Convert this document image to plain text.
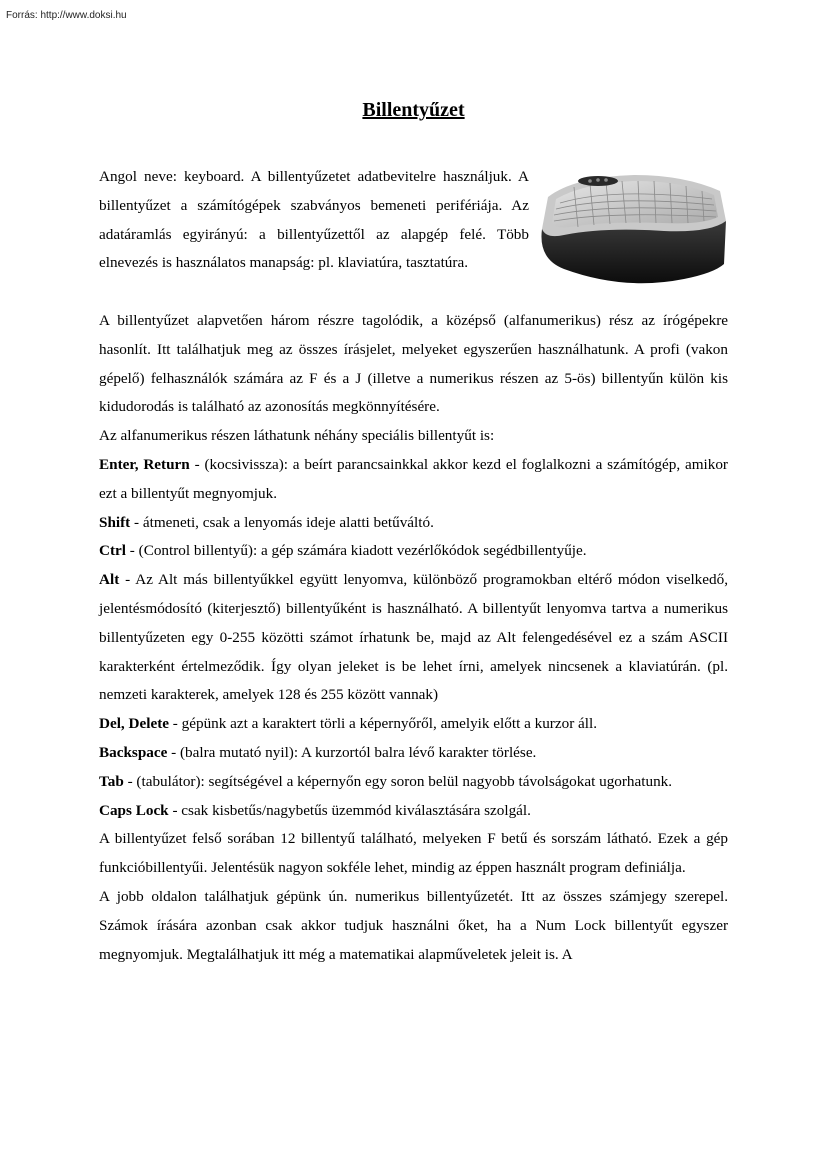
Forrás: http://www.doksi.hu
Billentyűzet

Angol neve: keyboard. A billentyűzetet adatbevitelre használjuk. A billentyűzet a számítógépek szabványos bemeneti perifériája. Az adatáramlás egyirányú: a billentyűzettől az alapgép felé. Több elnevezés is használatos manapság: pl. klaviatúra, tasztatúra.

A billentyűzet alapvetően három részre tagolódik, a középső (alfanumerikus) rész az írógépekre hasonlít. Itt találhatjuk meg az összes írásjelet, melyeket egyszerűen használhatunk. A profi (vakon gépelő) felhasználók számára az F és a J (illetve a numerikus részen az 5-ös) billentyűn külön kis kidudorodás is található az azonosítás megkönnyítésére.

Az alfanumerikus részen láthatunk néhány speciális billentyűt is:

Enter, Return - (kocsivissza): a beírt parancsainkkal akkor kezd el foglalkozni a számítógép, amikor ezt a billentyűt megnyomjuk.

Shift - átmeneti, csak a lenyomás ideje alatti betűváltó.

Ctrl - (Control billentyű): a gép számára kiadott vezérlőkódok segédbillentyűje.

Alt - Az Alt más billentyűkkel együtt lenyomva, különböző programokban eltérő módon viselkedő, jelentésmódosító (kiterjesztő) billentyűként is használható. A billentyűt lenyomva tartva a numerikus billentyűzeten egy 0-255 közötti számot írhatunk be, majd az Alt felengedésével ez a szám ASCII karakterként értelmeződik. Így olyan jeleket is be lehet írni, amelyek nincsenek a klaviatúrán. (pl. nemzeti karakterek, amelyek 128 és 255 között vannak)

Del, Delete - gépünk azt a karaktert törli a képernyőről, amelyik előtt a kurzor áll.

Backspace - (balra mutató nyil): A kurzortól balra lévő karakter törlése.

Tab - (tabulátor): segítségével a képernyőn egy soron belül nagyobb távolságokat ugorhatunk.

Caps Lock - csak kisbetűs/nagybetűs üzemmód kiválasztására szolgál.

A billentyűzet felső sorában 12 billentyű található, melyeken F betű és sorszám látható. Ezek a gép funkcióbillentyűi. Jelentésük nagyon sokféle lehet, mindig az éppen használt program definiálja.

A jobb oldalon találhatjuk gépünk ún. numerikus billentyűzetét. Itt az összes számjegy szerepel. Számok írására azonban csak akkor tudjuk használni őket, ha a Num Lock billentyűt egyszer megnyomjuk. Megtalálhatjuk itt még a matematikai alapműveletek jeleit is. A
